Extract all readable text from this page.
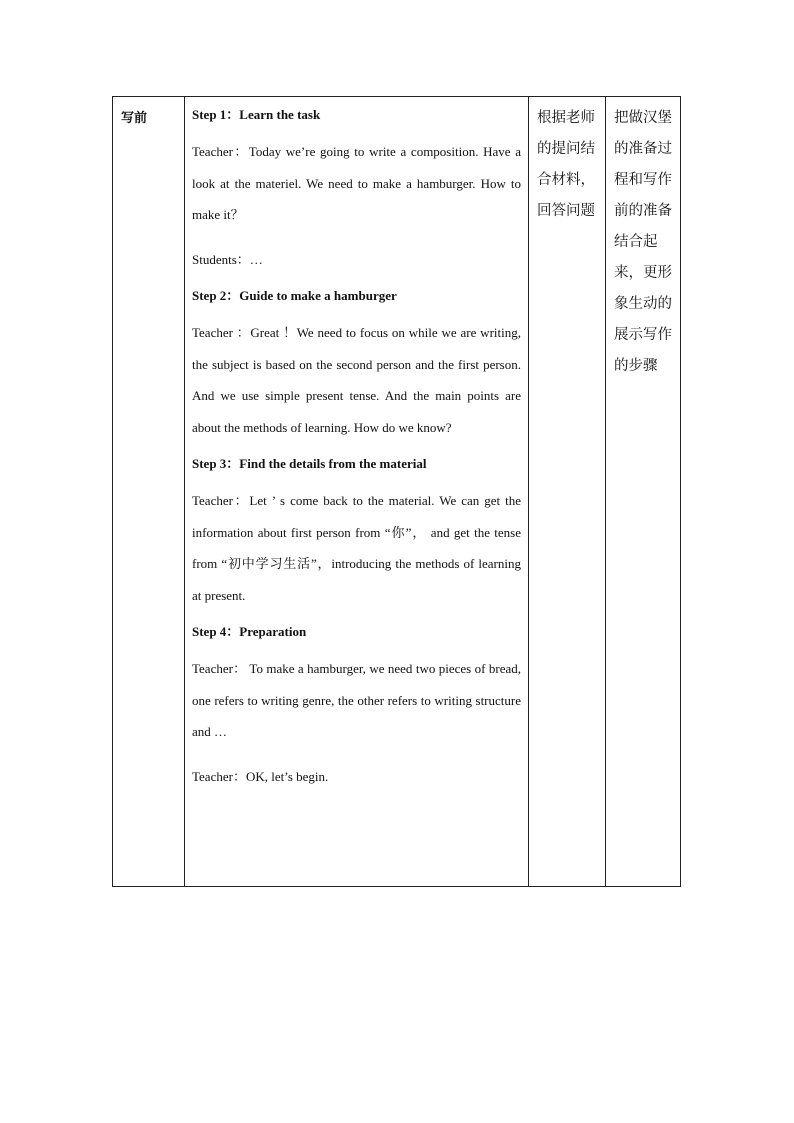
写前	Step 1：Learn the task

Teacher：Today we’re going to write a composition. Have a look at the materiel. We need to make a hamburger. How to make it？

Students：…

Step 2：Guide to make a hamburger

Teacher ：Great ！We need to focus on while we are writing, the subject is based on the second person and the first person. And we use simple present tense. And the main points are about the methods of learning. How do we know?

Step 3：Find the details from the material

Teacher：Let ’ s come back to the material. We can get the information about first person from “你”， and get the tense from “初中学习生活”，introducing the methods of learning at present.

Step 4：Preparation

Teacher： To make a hamburger, we need two pieces of bread, one refers to writing genre, the other refers to writing structure and …

Teacher：OK, let’s begin.

根据老师的提问结合材料，回答问题

把做汉堡的准备过程和写作前的准备结合起来，更形象生动的展示写作的步骤
